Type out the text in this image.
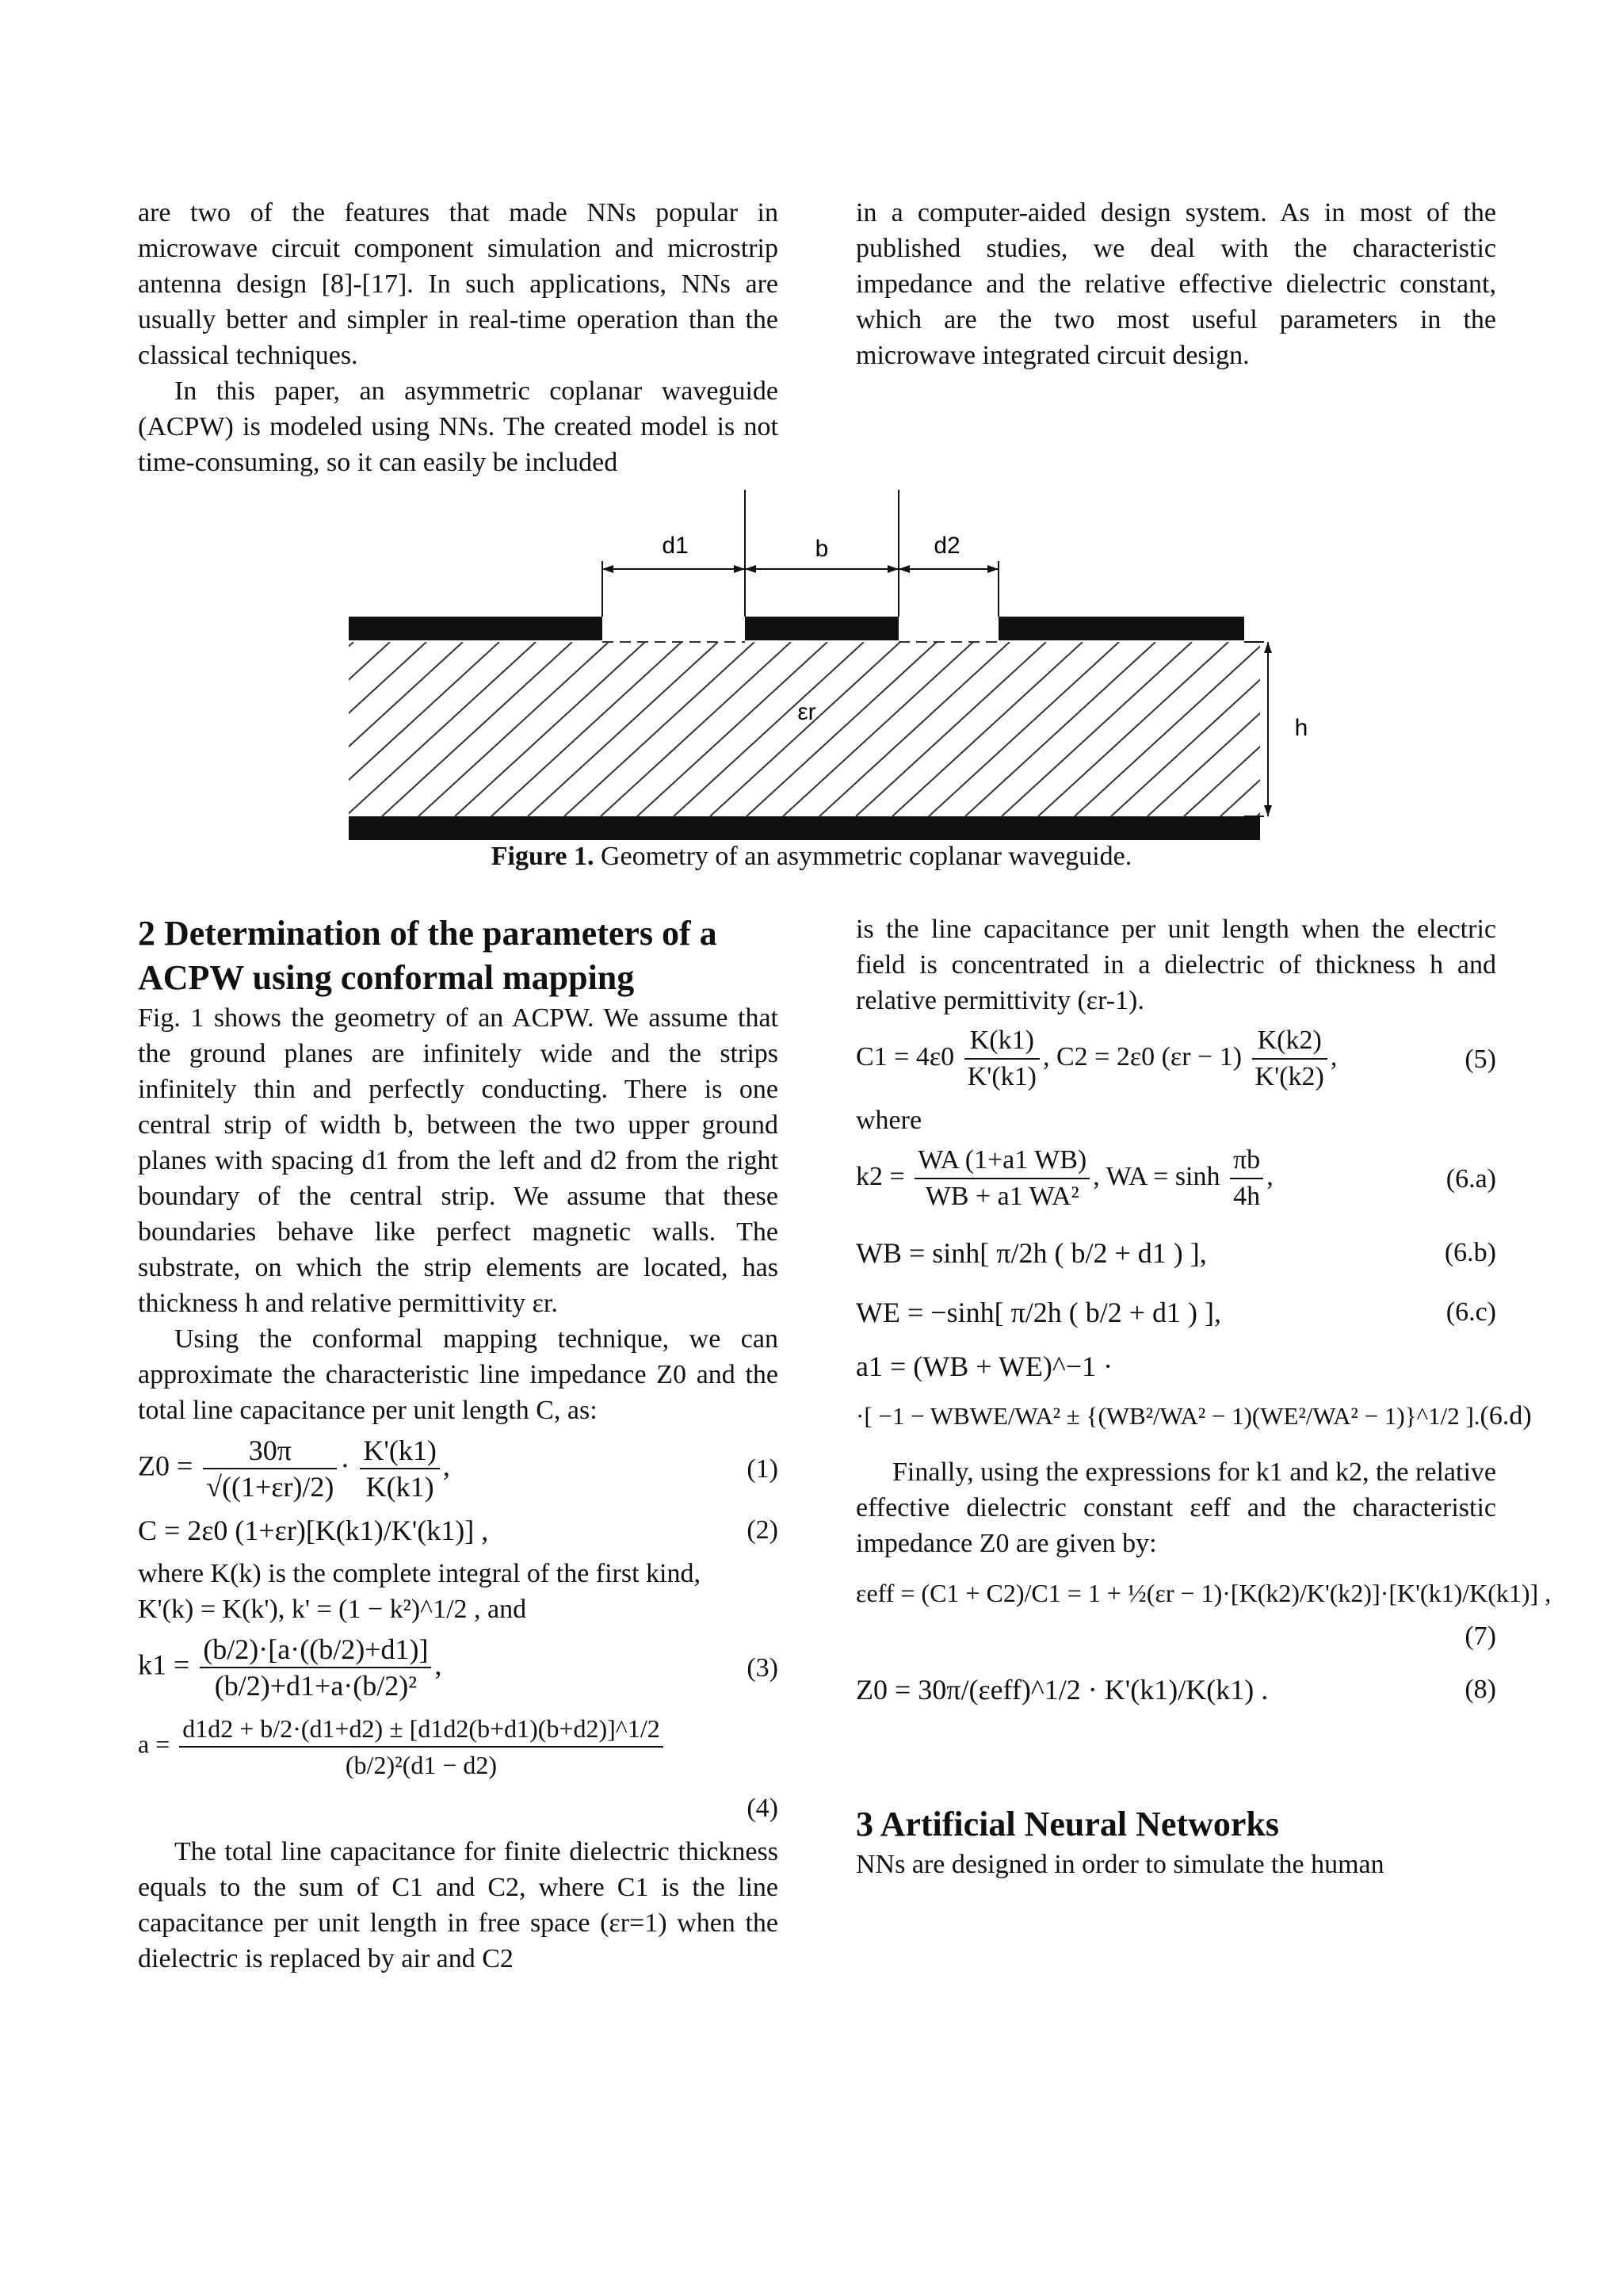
are two of the features that made NNs popular in microwave circuit component simulation and microstrip antenna design [8]-[17]. In such applications, NNs are usually better and simpler in real-time operation than the classical techniques.

In this paper, an asymmetric coplanar waveguide (ACPW) is modeled using NNs. The created model is not time-consuming, so it can easily be included

in a computer-aided design system. As in most of the published studies, we deal with the characteristic impedance and the relative effective dielectric constant, which are the two most useful parameters in the microwave integrated circuit design.

d1	b	d2
εr
h
Figure 1. Geometry of an asymmetric coplanar waveguide.

2 Determination of the parameters of a ACPW using conformal mapping

Fig. 1 shows the geometry of an ACPW. We assume that the ground planes are infinitely wide and the strips infinitely thin and perfectly conducting. There is one central strip of width b, between the two upper ground planes with spacing d1 from the left and d2 from the right boundary of the central strip. We assume that these boundaries behave like perfect magnetic walls. The substrate, on which the strip elements are located, has thickness h and relative permittivity εr.

Using the conformal mapping technique, we can approximate the characteristic line impedance Z0 and the total line capacitance per unit length C, as:

$Z0 = \frac{30\pi}{√((1+\varepsilon r)/2)} \cdot \frac{K'(k1)}{K(k1)}$ ,	(1)
C = 2ε0 (1+εr)[K(k1)/K'(k1)] ,	(2)

where K(k) is the complete integral of the first kind,

K'(k) = K(k'), k' = (1 − k²)^1/2 , and

$k1 = \frac{(b/2)\cdot[a\cdot((b/2)+d1)]}{\text{(b/2)+d1+a·(b/2)²}}$ ,	(3)
$a = \frac{d1d2 + b/2\cdot(d1+d2) \pm [d1d2(b+d1)(b+d2)]\^{}1/2}{\text{(b/2)²(d1 − d2)}}$
(4)

The total line capacitance for finite dielectric thickness equals to the sum of C1 and C2, where C1 is the line capacitance per unit length in free space (εr=1) when the dielectric is replaced by air and C2

is the line capacitance per unit length when the electric field is concentrated in a dielectric of thickness h and relative permittivity (εr-1).

$C1 = 4\varepsilon 0 \frac{K(k1)}{K'(k1)}$ , C2 = 2ε0 $(\varepsilon r - 1) \frac{K(k2)}{K'(k2)}$ ,	(5)

where

$k2 = \frac{WA (1+a1 WB)}{\text{WB + a1 WA²}}$ , WA = $\sinh \frac{\pi b}{4h}$ ,	(6.a)
WB = sinh[ π/2h ( b/2 + d1 ) ],	(6.b)
WE = −sinh[ π/2h ( b/2 + d1 ) ],	(6.c)
a1 = (WB + WE)^−1 ·
·[ −1 − WBWE/WA² ± {(WB²/WA² − 1)(WE²/WA² − 1)}^1/2 ]. (6.d)

Finally, using the expressions for k1 and k2, the relative effective dielectric constant εeff and the characteristic impedance Z0 are given by:

εeff = (C1 + C2)/C1 = 1 + ½(εr − 1)·[K(k2)/K'(k2)]·[K'(k1)/K(k1)] ,
(7)
Z0 = 30π/(εeff)^1/2 · K'(k1)/K(k1) .	(8)

3 Artificial Neural Networks

NNs are designed in order to simulate the human
